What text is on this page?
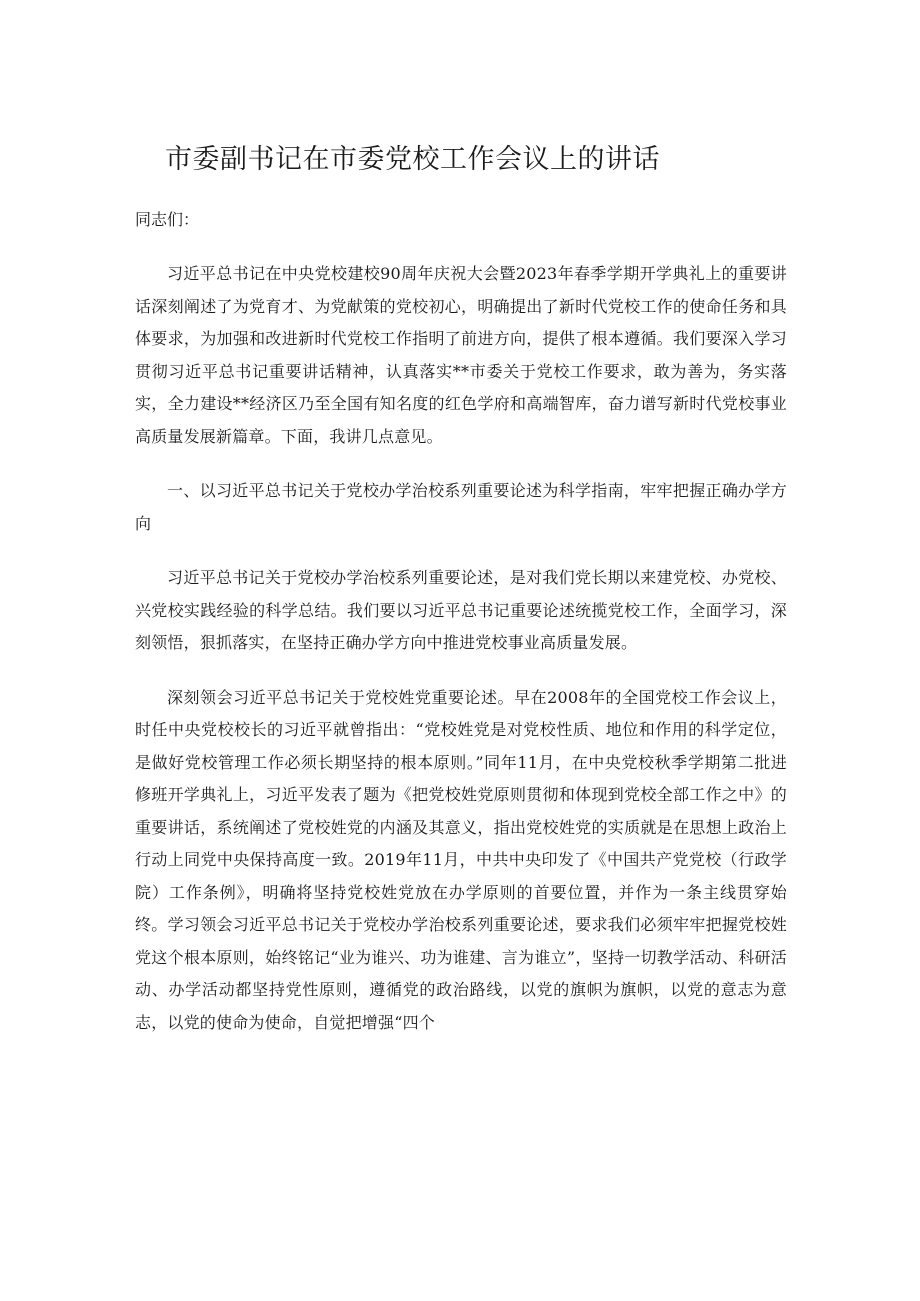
市委副书记在市委党校工作会议上的讲话

同志们：

习近平总书记在中央党校建校90周年庆祝大会暨2023年春季学期开学典礼上的重要讲话深刻阐述了为党育才、为党献策的党校初心，明确提出了新时代党校工作的使命任务和具体要求，为加强和改进新时代党校工作指明了前进方向，提供了根本遵循。我们要深入学习贯彻习近平总书记重要讲话精神，认真落实**市委关于党校工作要求，敢为善为，务实落实，全力建设**经济区乃至全国有知名度的红色学府和高端智库，奋力谱写新时代党校事业高质量发展新篇章。下面，我讲几点意见。

一、以习近平总书记关于党校办学治校系列重要论述为科学指南，牢牢把握正确办学方向

习近平总书记关于党校办学治校系列重要论述，是对我们党长期以来建党校、办党校、兴党校实践经验的科学总结。我们要以习近平总书记重要论述统揽党校工作，全面学习，深刻领悟，狠抓落实，在坚持正确办学方向中推进党校事业高质量发展。

深刻领会习近平总书记关于党校姓党重要论述。早在2008年的全国党校工作会议上，时任中央党校校长的习近平就曾指出：“党校姓党是对党校性质、地位和作用的科学定位，是做好党校管理工作必须长期坚持的根本原则。”同年11月，在中央党校秋季学期第二批进修班开学典礼上，习近平发表了题为《把党校姓党原则贯彻和体现到党校全部工作之中》的重要讲话，系统阐述了党校姓党的内涵及其意义，指出党校姓党的实质就是在思想上政治上行动上同党中央保持高度一致。2019年11月，中共中央印发了《中国共产党党校（行政学院）工作条例》，明确将坚持党校姓党放在办学原则的首要位置，并作为一条主线贯穿始终。学习领会习近平总书记关于党校办学治校系列重要论述，要求我们必须牢牢把握党校姓党这个根本原则，始终铭记“业为谁兴、功为谁建、言为谁立”，坚持一切教学活动、科研活动、办学活动都坚持党性原则，遵循党的政治路线，以党的旗帜为旗帜，以党的意志为意志，以党的使命为使命，自觉把增强“四个
